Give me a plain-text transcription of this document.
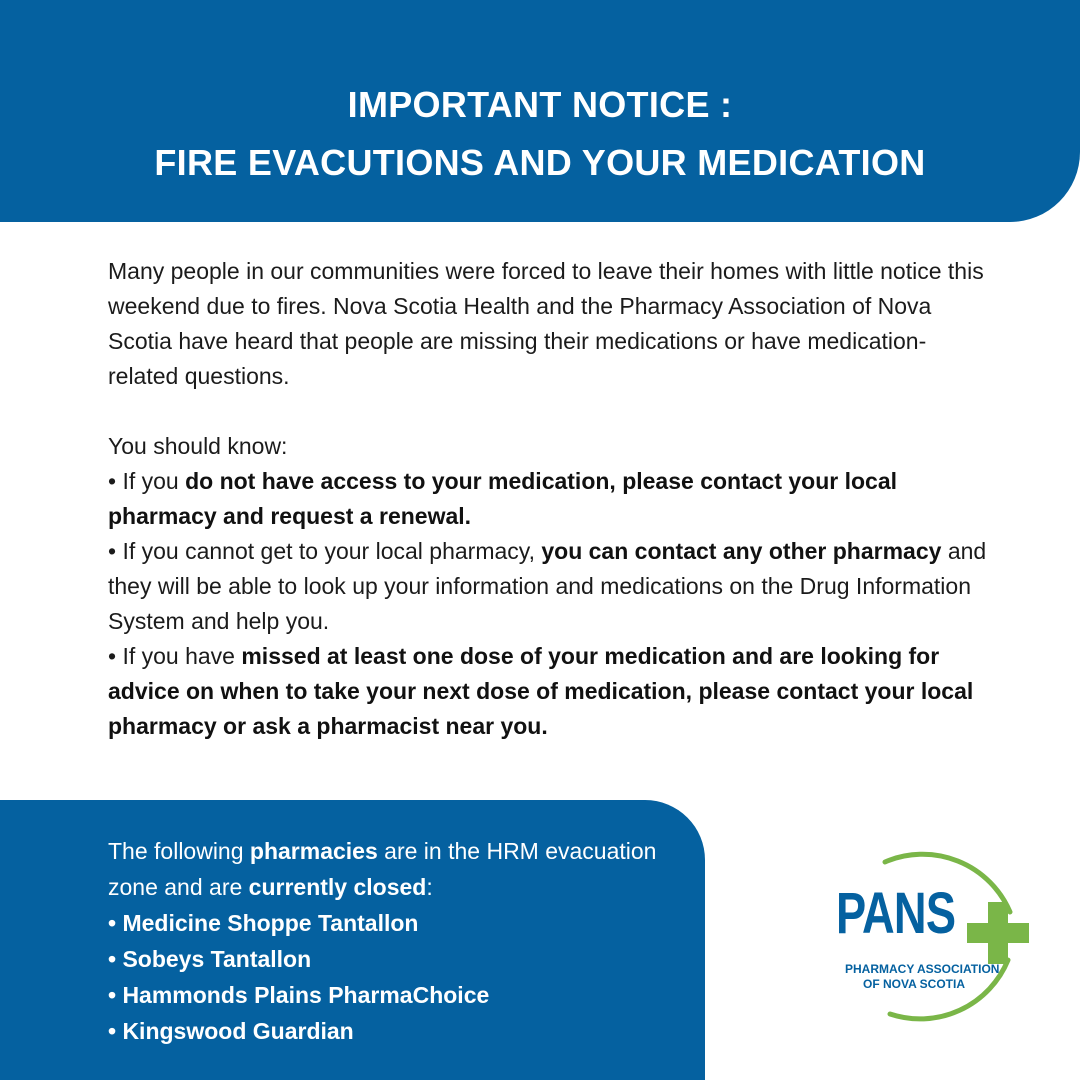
IMPORTANT NOTICE :
FIRE EVACUTIONS AND YOUR MEDICATION

Many people in our communities were forced to leave their homes with little notice this weekend due to fires. Nova Scotia Health and the Pharmacy Association of Nova Scotia have heard that people are missing their medications or have medication-related questions.

You should know:

• If you do not have access to your medication, please contact your local pharmacy and request a renewal.

• If you cannot get to your local pharmacy, you can contact any other pharmacy and they will be able to look up your information and medications on the Drug Information System and help you.

• If you have missed at least one dose of your medication and are looking for advice on when to take your next dose of medication, please contact your local pharmacy or ask a pharmacist near you.

The following pharmacies are in the HRM evacuation zone and are currently closed:

• Medicine Shoppe Tantallon

• Sobeys Tantallon

• Hammonds Plains PharmaChoice

• Kingswood Guardian

PANS
PHARMACY ASSOCIATION
OF NOVA SCOTIA
